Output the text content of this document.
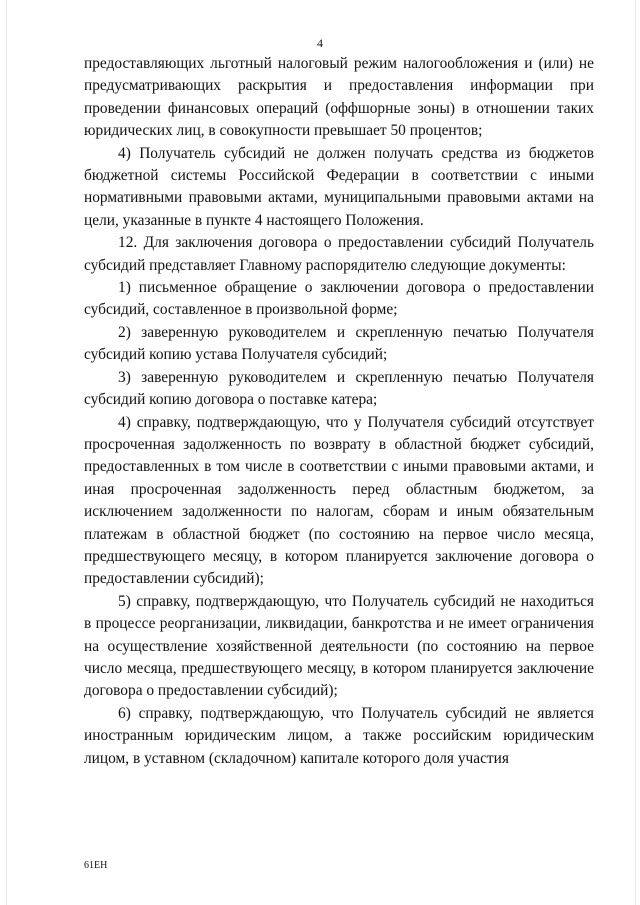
4

предоставляющих льготный налоговый режим налогообложения и (или) не предусматривающих раскрытия и предоставления информации при проведении финансовых операций (оффшорные зоны) в отношении таких юридических лиц, в совокупности превышает 50 процентов;

4) Получатель субсидий не должен получать средства из бюджетов бюджетной системы Российской Федерации в соответствии с иными нормативными правовыми актами, муниципальными правовыми актами на цели, указанные в пункте 4 настоящего Положения.

12. Для заключения договора о предоставлении субсидий Получатель субсидий представляет Главному распорядителю следующие документы:

1) письменное обращение о заключении договора о предоставлении субсидий, составленное в произвольной форме;

2) заверенную руководителем и скрепленную печатью Получателя субсидий копию устава Получателя субсидий;

3) заверенную руководителем и скрепленную печатью Получателя субсидий копию договора о поставке катера;

4) справку, подтверждающую, что у Получателя субсидий отсутствует просроченная задолженность по возврату в областной бюджет субсидий, предоставленных в том числе в соответствии с иными правовыми актами, и иная просроченная задолженность перед областным бюджетом, за исключением задолженности по налогам, сборам и иным обязательным платежам в областной бюджет (по состоянию на первое число месяца, предшествующего месяцу, в котором планируется заключение договора о предоставлении субсидий);

5) справку, подтверждающую, что Получатель субсидий не находиться в процессе реорганизации, ликвидации, банкротства и не имеет ограничения на осуществление хозяйственной деятельности (по состоянию на первое число месяца, предшествующего месяцу, в котором планируется заключение договора о предоставлении субсидий);

6) справку, подтверждающую, что Получатель субсидий не является иностранным юридическим лицом, а также российским юридическим лицом, в уставном (складочном) капитале которого доля участия

61ЕН
